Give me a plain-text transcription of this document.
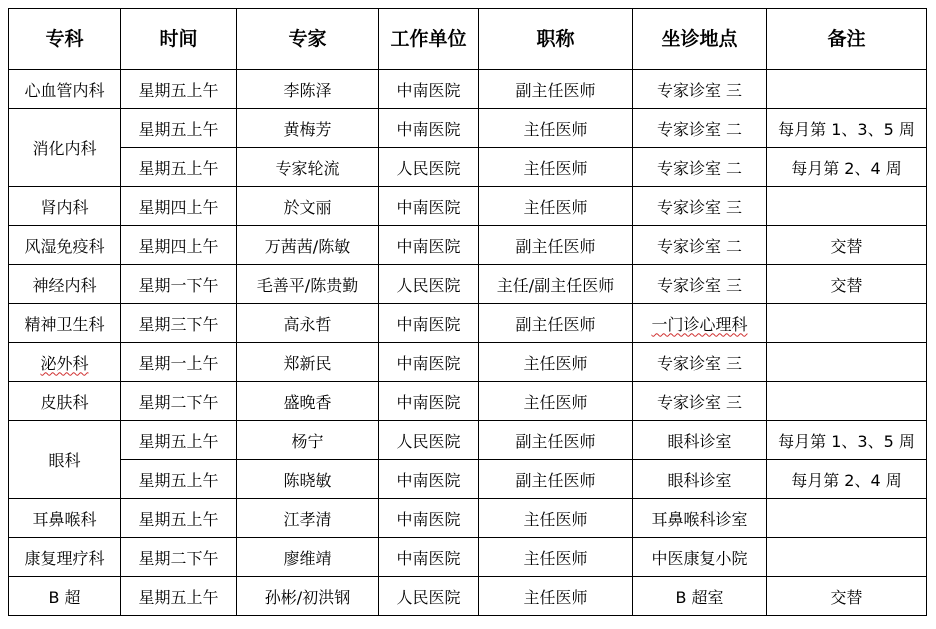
专科	时间	专家	工作单位	职称	坐诊地点	备注
心血管内科	星期五上午	李陈泽	中南医院	副主任医师	专家诊室 三	
消化内科	星期五上午	黄梅芳	中南医院	主任医师	专家诊室 二	每月第 1、3、5 周
	星期五上午	专家轮流	人民医院	主任医师	专家诊室 二	每月第 2、4 周
肾内科	星期四上午	於文丽	中南医院	主任医师	专家诊室 三	
风湿免疫科	星期四上午	万茜茜/陈敏	中南医院	副主任医师	专家诊室 二	交替
神经内科	星期一下午	毛善平/陈贵勤	人民医院	主任/副主任医师	专家诊室 三	交替
精神卫生科	星期三下午	高永哲	中南医院	副主任医师	一门诊心理科	
泌外科	星期一上午	郑新民	中南医院	主任医师	专家诊室 三	
皮肤科	星期二下午	盛晚香	中南医院	主任医师	专家诊室 三	
眼科	星期五上午	杨宁	人民医院	副主任医师	眼科诊室	每月第 1、3、5 周
	星期五上午	陈晓敏	中南医院	副主任医师	眼科诊室	每月第 2、4 周
耳鼻喉科	星期五上午	江孝清	中南医院	主任医师	耳鼻喉科诊室	
康复理疗科	星期二下午	廖维靖	中南医院	主任医师	中医康复小院	
B 超	星期五上午	孙彬/初洪钢	人民医院	主任医师	B 超室	交替
